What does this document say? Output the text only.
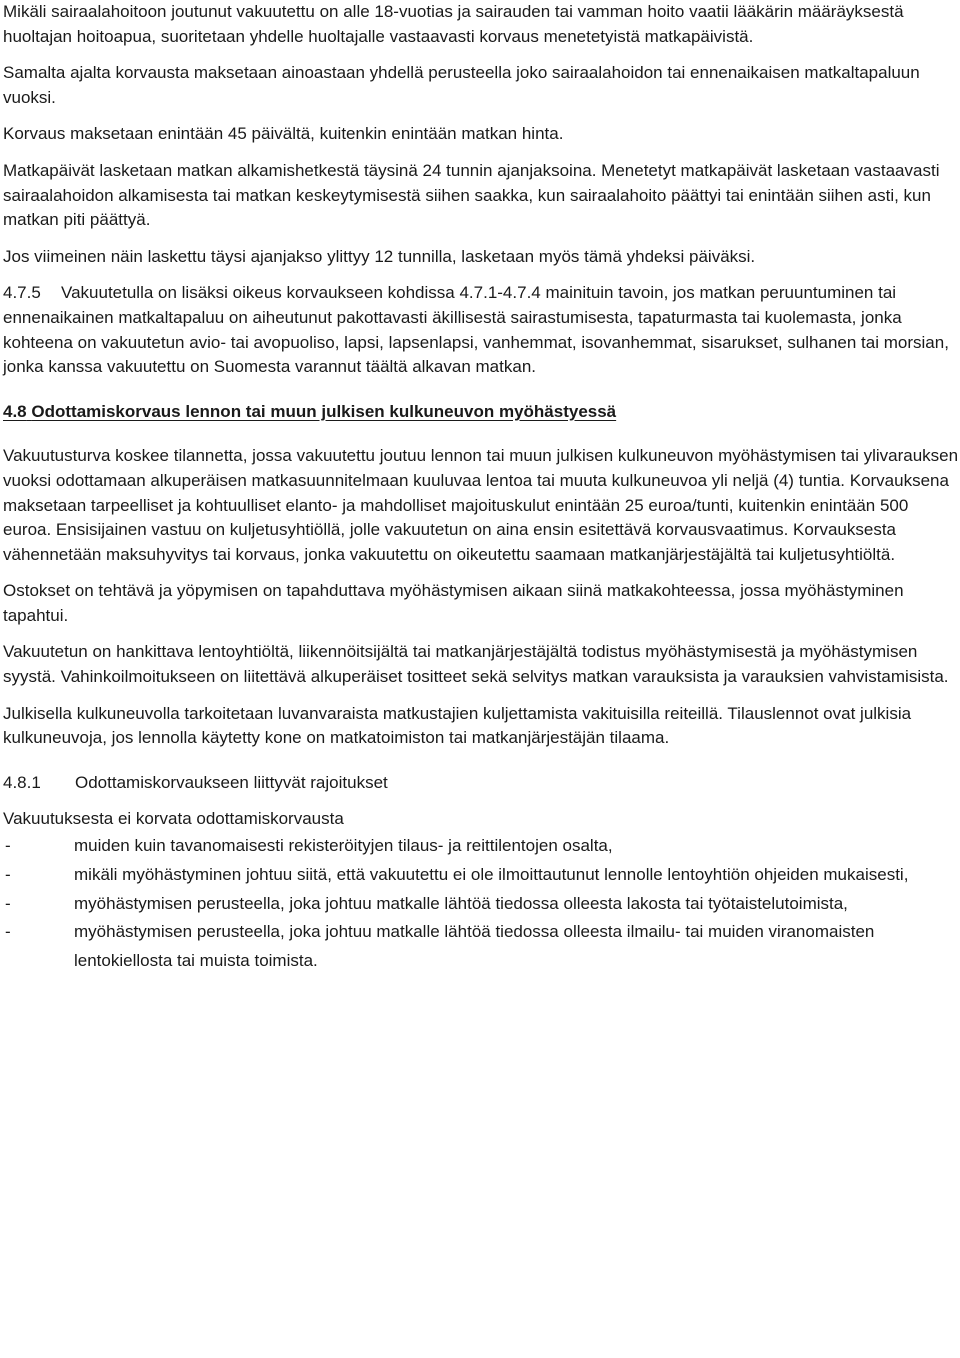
Mikäli sairaalahoitoon joutunut vakuutettu on alle 18-vuotias ja sairauden tai vamman hoito vaatii lääkärin määräyksestä huoltajan hoitoapua, suoritetaan yhdelle huoltajalle vastaavasti korvaus menetetyistä matkapäivistä.

Samalta ajalta korvausta maksetaan ainoastaan yhdellä perusteella joko sairaalahoidon tai ennenaikaisen matkaltapaluun vuoksi.

Korvaus maksetaan enintään 45 päivältä, kuitenkin enintään matkan hinta.

Matkapäivät lasketaan matkan alkamishetkestä täysinä 24 tunnin ajanjaksoina. Menetetyt matkapäivät lasketaan vastaavasti sairaalahoidon alkamisesta tai matkan keskeytymisestä siihen saakka, kun sairaalahoito päättyi tai enintään siihen asti, kun matkan piti päättyä.

Jos viimeinen näin laskettu täysi ajanjakso ylittyy 12 tunnilla, lasketaan myös tämä yhdeksi päiväksi.

4.7.5 Vakuutetulla on lisäksi oikeus korvaukseen kohdissa 4.7.1-4.7.4 mainituin tavoin, jos matkan peruuntuminen tai ennenaikainen matkaltapaluu on aiheutunut pakottavasti äkillisestä sairastumisesta, tapaturmasta tai kuolemasta, jonka kohteena on vakuutetun avio- tai avopuoliso, lapsi, lapsenlapsi, vanhemmat, isovanhemmat, sisarukset, sulhanen tai morsian, jonka kanssa vakuutettu on Suomesta varannut täältä alkavan matkan.

4.8 Odottamiskorvaus lennon tai muun julkisen kulkuneuvon myöhästyessä

Vakuutusturva koskee tilannetta, jossa vakuutettu joutuu lennon tai muun julkisen kulkuneuvon myöhästymisen tai ylivarauksen vuoksi odottamaan alkuperäisen matkasuunnitelmaan kuuluvaa lentoa tai muuta kulkuneuvoa yli neljä (4) tuntia. Korvauksena maksetaan tarpeelliset ja kohtuulliset elanto- ja mahdolliset majoituskulut enintään 25 euroa/tunti, kuitenkin enintään 500 euroa. Ensisijainen vastuu on kuljetusyhtiöllä, jolle vakuutetun on aina ensin esitettävä korvausvaatimus. Korvauksesta vähennetään maksuhyvitys tai korvaus, jonka vakuutettu on oikeutettu saamaan matkanjärjestäjältä tai kuljetusyhtiöltä.

Ostokset on tehtävä ja yöpymisen on tapahduttava myöhästymisen aikaan siinä matkakohteessa, jossa myöhästyminen tapahtui.

Vakuutetun on hankittava lentoyhtiöltä, liikennöitsijältä tai matkanjärjestäjältä todistus myöhästymisestä ja myöhästymisen syystä. Vahinkoilmoitukseen on liitettävä alkuperäiset tositteet sekä selvitys matkan varauksista ja varauksien vahvistamisista.

Julkisella kulkuneuvolla tarkoitetaan luvanvaraista matkustajien kuljettamista vakituisilla reiteillä. Tilauslennot ovat julkisia kulkuneuvoja, jos lennolla käytetty kone on matkatoimiston tai matkanjärjestäjän tilaama.

4.8.1 Odottamiskorvaukseen liittyvät rajoitukset

Vakuutuksesta ei korvata odottamiskorvausta

-	muiden kuin tavanomaisesti rekisteröityjen tilaus- ja reittilentojen osalta,
-	mikäli myöhästyminen johtuu siitä, että vakuutettu ei ole ilmoittautunut lennolle lentoyhtiön ohjeiden mukaisesti,
-	myöhästymisen perusteella, joka johtuu matkalle lähtöä tiedossa olleesta lakosta tai työtaistelutoimista,
-	myöhästymisen perusteella, joka johtuu matkalle lähtöä tiedossa olleesta ilmailu- tai muiden viranomaisten lentokiellosta tai muista toimista.
